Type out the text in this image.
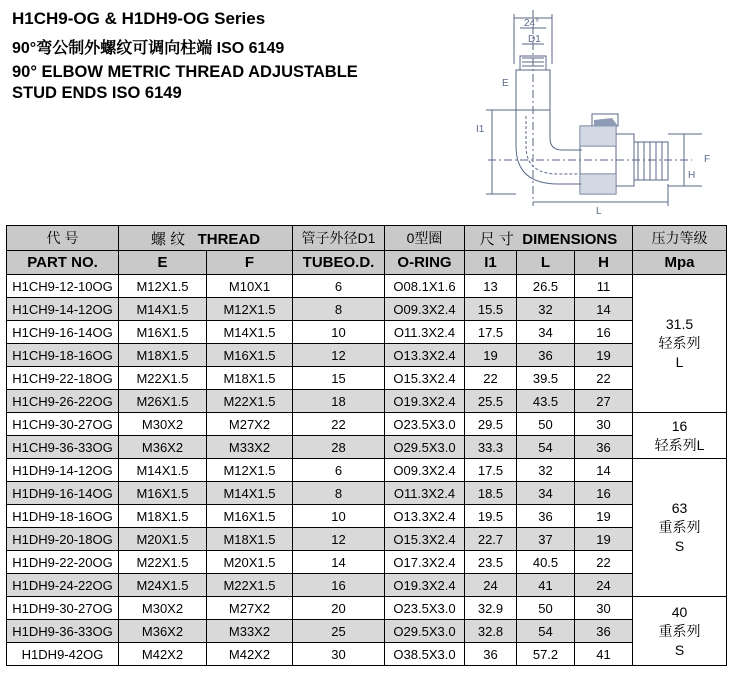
H1CH9-OG & H1DH9-OG Series
90°弯公制外螺纹可调向柱端 ISO 6149
90° ELBOW METRIC THREAD ADJUSTABLE
STUD ENDS ISO 6149
24°
D1
I1
E
F
H
L
代 号	螺 纹 THREAD		管子外径D1	0型圈	尺 寸 DIMENSIONS			压力等级
PART NO.	E	F	TUBEO.D.	O-RING	I1	L	H	Mpa
H1CH9-12-10OG	M12X1.5	M10X1	6	O08.1X1.6	13	26.5	11	31.5
轻系列
L

H1CH9-14-12OG	M14X1.5	M12X1.5	8	O09.3X2.4	15.5	32	14	
H1CH9-16-14OG	M16X1.5	M14X1.5	10	O11.3X2.4	17.5	34	16	
H1CH9-18-16OG	M18X1.5	M16X1.5	12	O13.3X2.4	19	36	19	
H1CH9-22-18OG	M22X1.5	M18X1.5	15	O15.3X2.4	22	39.5	22	
H1CH9-26-22OG	M26X1.5	M22X1.5	18	O19.3X2.4	25.5	43.5	27	
H1CH9-30-27OG	M30X2	M27X2	22	O23.5X3.0	29.5	50	30	16
轻系列L

H1CH9-36-33OG	M36X2	M33X2	28	O29.5X3.0	33.3	54	36	
H1DH9-14-12OG	M14X1.5	M12X1.5	6	O09.3X2.4	17.5	32	14	63
重系列
S

H1DH9-16-14OG	M16X1.5	M14X1.5	8	O11.3X2.4	18.5	34	16	
H1DH9-18-16OG	M18X1.5	M16X1.5	10	O13.3X2.4	19.5	36	19	
H1DH9-20-18OG	M20X1.5	M18X1.5	12	O15.3X2.4	22.7	37	19	
H1DH9-22-20OG	M22X1.5	M20X1.5	14	O17.3X2.4	23.5	40.5	22	
H1DH9-24-22OG	M24X1.5	M22X1.5	16	O19.3X2.4	24	41	24	
H1DH9-30-27OG	M30X2	M27X2	20	O23.5X3.0	32.9	50	30	40
重系列
S

H1DH9-36-33OG	M36X2	M33X2	25	O29.5X3.0	32.8	54	36	
H1DH9-42OG	M42X2	M42X2	30	O38.5X3.0	36	57.2	41	
